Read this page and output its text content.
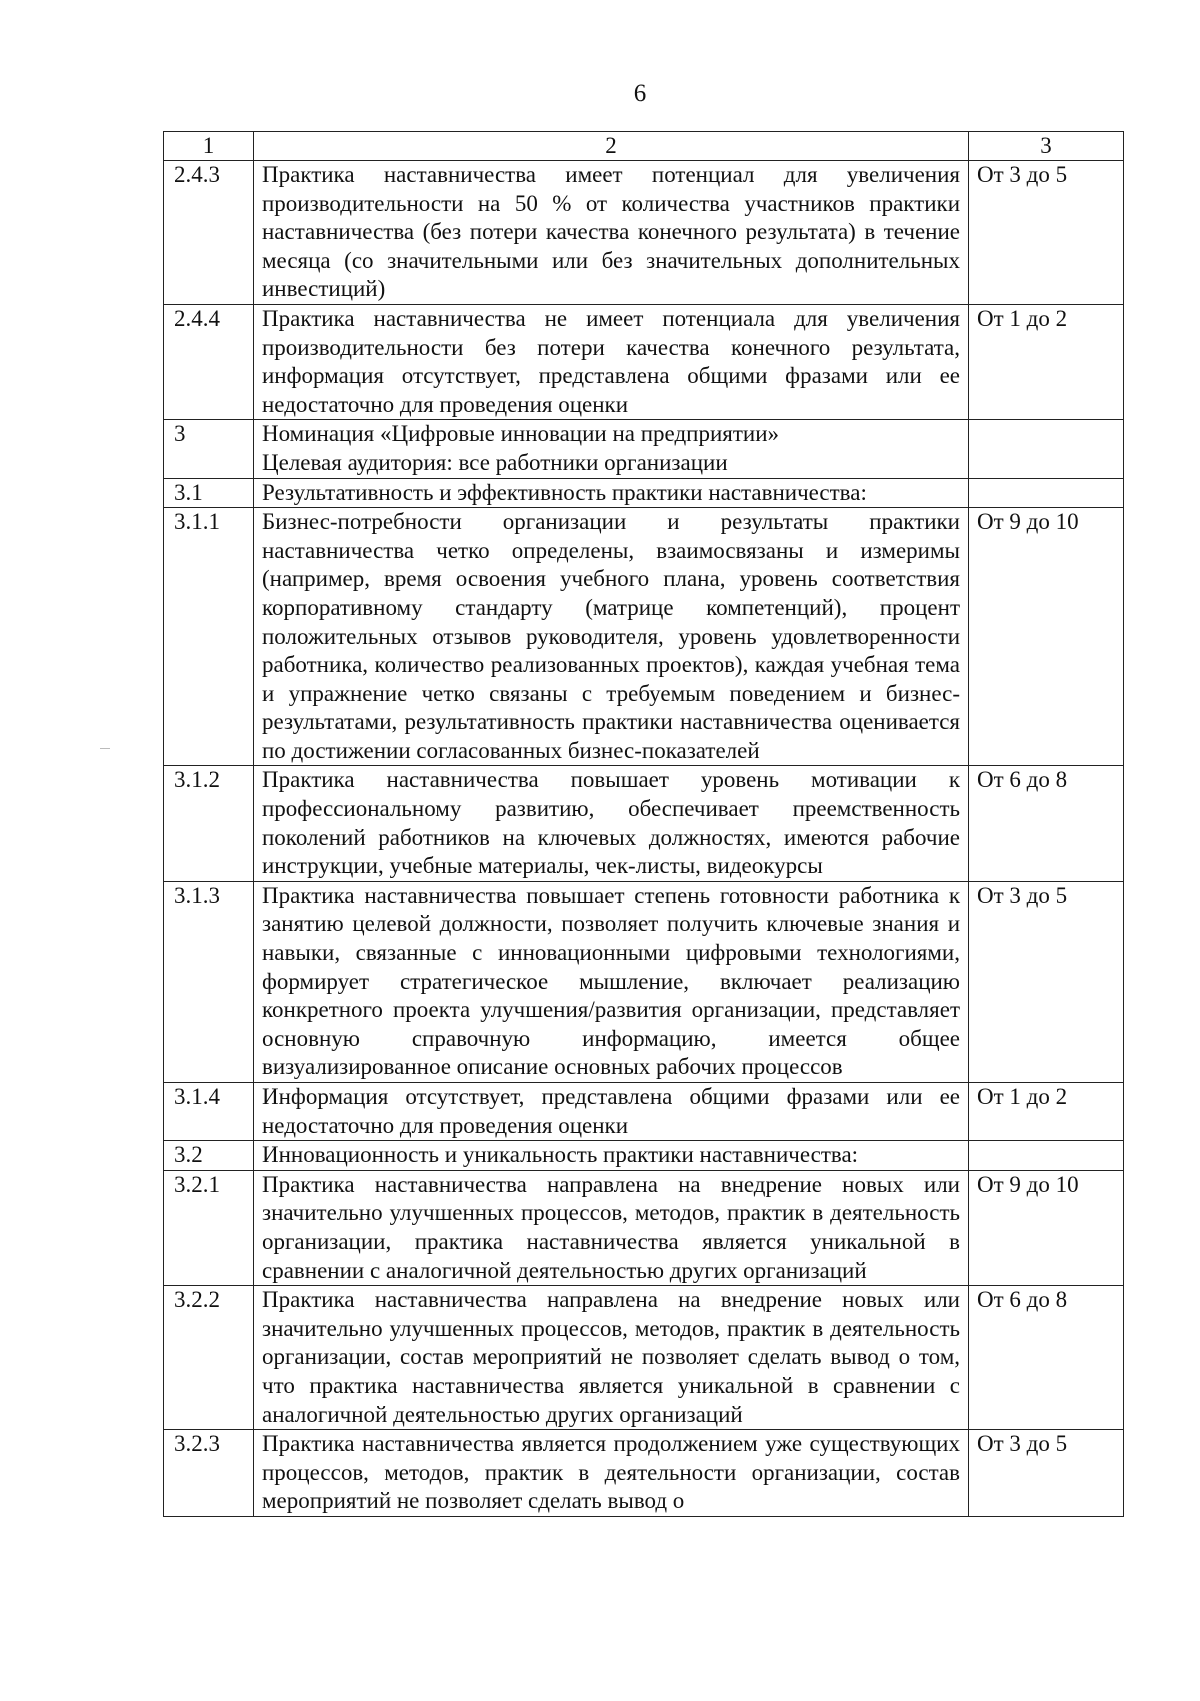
6
1	2	3
2.4.3	Практика наставничества имеет потенциал для увеличения производительности на 50 % от количества участников практики наставничества (без потери качества конечного результата) в течение месяца (со значительными или без значительных дополнительных инвестиций)	От 3 до 5
2.4.4	Практика наставничества не имеет потенциала для увеличения производительности без потери качества конечного результата, информация отсутствует, представлена общими фразами или ее недостаточно для проведения оценки	От 1 до 2
3	Номинация «Цифровые инновации на предприятии»
Целевая аудитория: все работники организации	
3.1	Результативность и эффективность практики наставничества:	
3.1.1	Бизнес-потребности организации и результаты практики наставничества четко определены, взаимосвязаны и измеримы (например, время освоения учебного плана, уровень соответствия корпоративному стандарту (матрице компетенций), процент положительных отзывов руководителя, уровень удовлетворенности работника, количество реализованных проектов), каждая учебная тема и упражнение четко связаны с требуемым поведением и бизнес-результатами, результативность практики наставничества оценивается по достижении согласованных бизнес-показателей	От 9 до 10
3.1.2	Практика наставничества повышает уровень мотивации к профессиональному развитию, обеспечивает преемственность поколений работников на ключевых должностях, имеются рабочие инструкции, учебные материалы, чек-листы, видеокурсы	От 6 до 8
3.1.3	Практика наставничества повышает степень готовности работника к занятию целевой должности, позволяет получить ключевые знания и навыки, связанные с инновационными цифровыми технологиями, формирует стратегическое мышление, включает реализацию конкретного проекта улучшения/развития организации, представляет основную справочную информацию, имеется общее визуализированное описание основных рабочих процессов	От 3 до 5
3.1.4	Информация отсутствует, представлена общими фразами или ее недостаточно для проведения оценки	От 1 до 2
3.2	Инновационность и уникальность практики наставничества:	
3.2.1	Практика наставничества направлена на внедрение новых или значительно улучшенных процессов, методов, практик в деятельность организации, практика наставничества является уникальной в сравнении с аналогичной деятельностью других организаций	От 9 до 10
3.2.2	Практика наставничества направлена на внедрение новых или значительно улучшенных процессов, методов, практик в деятельность организации, состав мероприятий не позволяет сделать вывод о том, что практика наставничества является уникальной в сравнении с аналогичной деятельностью других организаций	От 6 до 8
3.2.3	Практика наставничества является продолжением уже существующих процессов, методов, практик в деятельности организации, состав мероприятий не позволяет сделать вывод о	От 3 до 5
